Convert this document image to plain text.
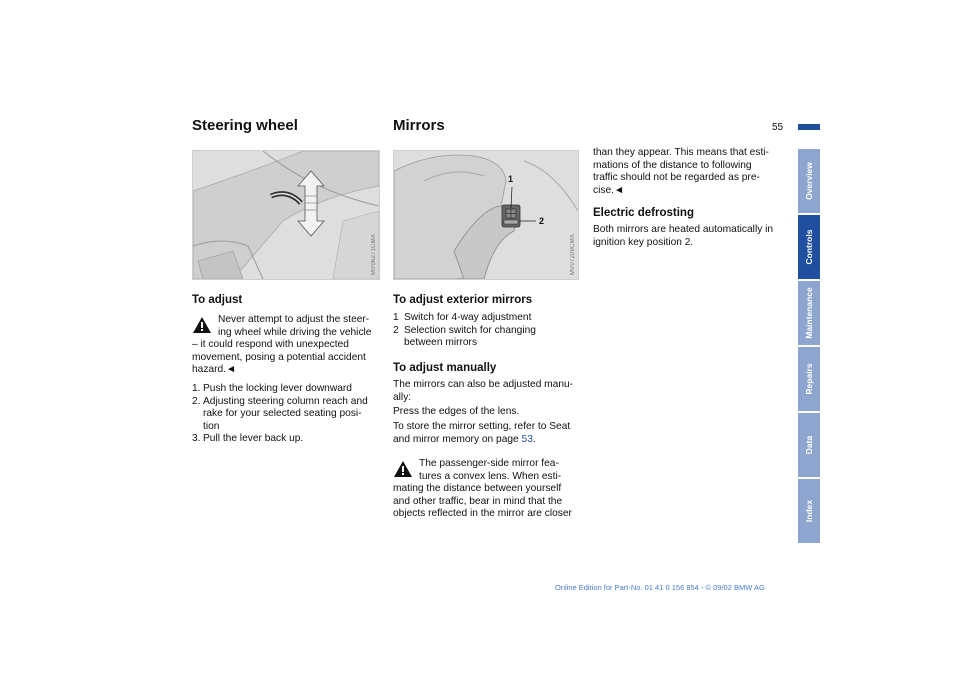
Steering wheel	Mirrors	55
MV06271CMA
1
2
MV07209CMA
To adjust
Never attempt to adjust the steer-
ing wheel while driving the vehicle
– it could respond with unexpected
movement, posing a potential accident
hazard.◄
1. Push the locking lever downward
2. Adjusting steering column reach and
rake for your selected seating posi-
tion
3. Pull the lever back up.
To adjust exterior mirrors
1 Switch for 4-way adjustment
2 Selection switch for changing
between mirrors
To adjust manually
The mirrors can also be adjusted manu-
ally:
Press the edges of the lens.
To store the mirror setting, refer to Seat
and mirror memory on page 53.
The passenger-side mirror fea-
tures a convex lens. When esti-
mating the distance between yourself
and other traffic, bear in mind that the
objects reflected in the mirror are closer
than they appear. This means that esti-
mations of the distance to following
traffic should not be regarded as pre-
cise.◄
Electric defrosting
Both mirrors are heated automatically in
ignition key position 2.
Overview
Controls
Maintenance
Repairs
Data
Index
Online Edition for Part-No. 01 41 0 156 854 - © 09/02 BMW AG
